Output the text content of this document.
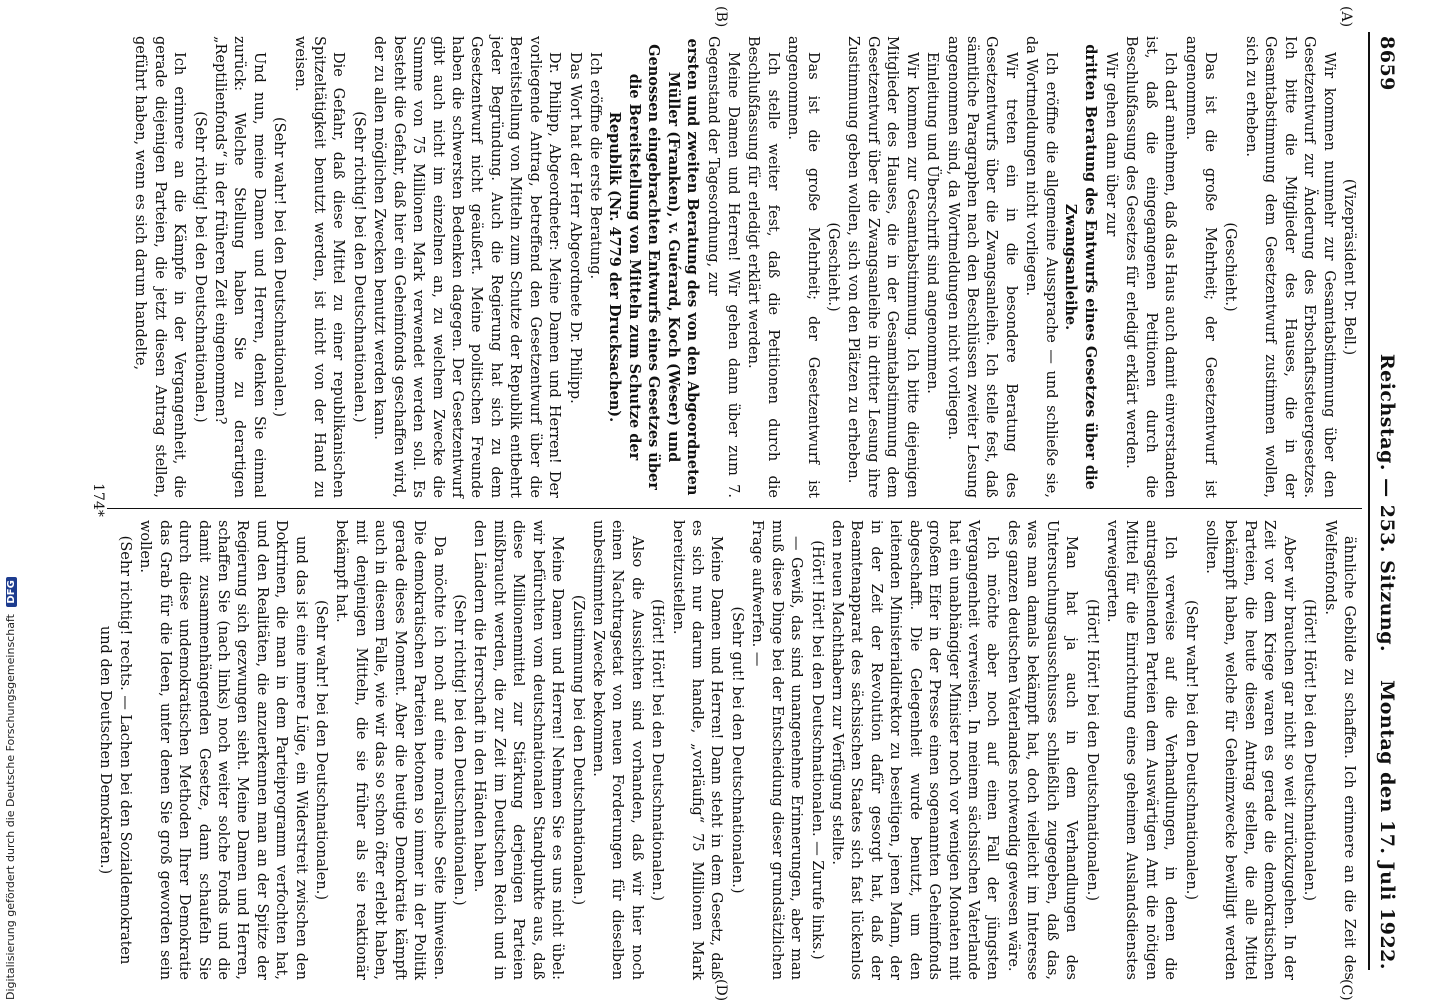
8659
Reichstag. — 253. Sitzung.
Montag den 17. Juli 1922.
(A)
(B)
(C)
(D)

(Vizepräsident Dr. Bell.)

Wir kommen nunmehr zur Gesamtabstimmung über den Gesetzentwurf zur Änderung des Erbschaftssteuergesetzes. Ich bitte die Mitglieder des Hauses, die in der Gesamtabstimmung dem Gesetzentwurf zustimmen wollen, sich zu erheben.

(Geschieht.)

Das ist die große Mehrheit; der Gesetzentwurf ist angenommen.

Ich darf annehmen, daß das Haus auch damit einverstanden ist, daß die eingegangenen Petitionen durch die Beschlußfassung des Gesetzes für erledigt erklärt werden.

Wir gehen dann über zur

dritten Beratung des Entwurfs eines Gesetzes über die Zwangsanleihe.

Ich eröffne die allgemeine Aussprache — und schließe sie, da Wortmeldungen nicht vorliegen.

Wir treten ein in die besondere Beratung des Gesetzentwurfs über die Zwangsanleihe. Ich stelle fest, daß sämtliche Paragraphen nach den Beschlüssen zweiter Lesung angenommen sind, da Wortmeldungen nicht vorliegen.

Einleitung und Überschrift sind angenommen.

Wir kommen zur Gesamtabstimmung. Ich bitte diejenigen Mitglieder des Hauses, die in der Gesamtabstimmung dem Gesetzentwurf über die Zwangsanleihe in dritter Lesung ihre Zustimmung geben wollen, sich von den Plätzen zu erheben.

(Geschieht.)

Das ist die große Mehrheit; der Gesetzentwurf ist angenommen.

Ich stelle weiter fest, daß die Petitionen durch die Beschlußfassung für erledigt erklärt werden.

Meine Damen und Herren! Wir gehen dann über zum 7. Gegenstand der Tagesordnung, zur

ersten und zweiten Beratung des von den Abgeordneten Müller (Franken), v. Guérard, Koch (Weser) und Genossen eingebrachten Entwurfs eines Gesetzes über die Bereitstellung von Mitteln zum Schutze der Republik (Nr. 4779 der Drucksachen).

Ich eröffne die erste Beratung.

Das Wort hat der Herr Abgeordnete Dr. Philipp.

Dr. Philipp, Abgeordneter: Meine Damen und Herren! Der vorliegende Antrag, betreffend den Gesetzentwurf über die Bereitstellung von Mitteln zum Schutze der Republik entbehrt jeder Begründung. Auch die Regierung hat sich zu dem Gesetzentwurf nicht geäußert. Meine politischen Freunde haben die schwersten Bedenken dagegen. Der Gesetzentwurf gibt auch nicht im einzelnen an, zu welchem Zwecke die Summe von 75 Millionen Mark verwendet werden soll. Es besteht die Gefahr, daß hier ein Geheimfonds geschaffen wird, der zu allen möglichen Zwecken benutzt werden kann.

(Sehr richtig! bei den Deutschnationalen.)

Die Gefahr, daß diese Mittel zu einer republikanischen Spitzeltätigkeit benutzt werden, ist nicht von der Hand zu weisen.

(Sehr wahr! bei den Deutschnationalen.)

Und nun, meine Damen und Herren, denken Sie einmal zurück: Welche Stellung haben Sie zu derartigen „Reptilienfonds“ in der früheren Zeit eingenommen?

(Sehr richtig! bei den Deutschnationalen.)

Ich erinnere an die Kämpfe in der Vergangenheit, die gerade diejenigen Parteien, die jetzt diesen Antrag stellen, geführt haben, wenn es sich darum handelte,

ähnliche Gebilde zu schaffen. Ich erinnere an die Zeit des Welfenfonds.

(Hört! Hört! bei den Deutschnationalen.)

Aber wir brauchen gar nicht so weit zurückzugehen. In der Zeit vor dem Kriege waren es gerade die demokratischen Parteien, die heute diesen Antrag stellen, die alle Mittel bekämpft haben, welche für Geheimzwecke bewilligt werden sollten.

(Sehr wahr! bei den Deutschnationalen.)

Ich verweise auf die Verhandlungen, in denen die antragstellenden Parteien dem Auswärtigen Amt die nötigen Mittel für die Einrichtung eines geheimen Auslandsdienstes verweigerten.

(Hört! Hört! bei den Deutschnationalen.)

Man hat ja auch in dem Verhandlungen des Untersuchungsausschusses schließlich zugegeben, daß das, was man damals bekämpft hat, doch vielleicht im Interesse des ganzen deutschen Vaterlandes notwendig gewesen wäre.

Ich möchte aber noch auf einen Fall der jüngsten Vergangenheit verweisen. In meinem sächsischen Vaterlande hat ein unabhängiger Minister noch vor wenigen Monaten mit großem Eifer in der Presse einen sogenannten Geheimfonds abgeschafft. Die Gelegenheit wurde benutzt, um den leitenden Ministerialdirektor zu beseitigen, jenen Mann, der in der Zeit der Revolution dafür gesorgt hat, daß der Beamtenapparat des sächsischen Staates sich fast lückenlos den neuen Machthabern zur Verfügung stellte.

(Hört! Hört! bei den Deutschnationalen. — Zurufe links.)

— Gewiß, das sind unangenehme Erinnerungen, aber man muß diese Dinge bei der Entscheidung dieser grundsätzlichen Frage aufwerfen. —

(Sehr gut! bei den Deutschnationalen.)

Meine Damen und Herren! Dann steht in dem Gesetz, daß es sich nur darum handle, „vorläufig“ 75 Millionen Mark bereitzustellen.

(Hört! Hört! bei den Deutschnationalen.)

Also die Aussichten sind vorhanden, daß wir hier noch einen Nachtragsetat von neuen Forderungen für dieselben unbestimmten Zwecke bekommen.

(Zustimmung bei den Deutschnationalen.)

Meine Damen und Herren! Nehmen Sie es uns nicht übel: wir befürchten vom deutschnationalen Standpunkte aus, daß diese Millionenmittel zur Stärkung derjenigen Parteien mißbraucht werden, die zur Zeit im Deutschen Reich und in den Ländern die Herrschaft in den Händen haben.

(Sehr richtig! bei den Deutschnationalen.)

Da möchte ich noch auf eine moralische Seite hinweisen. Die demokratischen Parteien betonen so immer in der Politik gerade dieses Moment. Aber die heutige Demokratie kämpft auch in diesem Falle, wie wir das so schon öfter erlebt haben, mit denjenigen Mitteln, die sie früher als sie reaktionär bekämpft hat.

(Sehr wahr! bei den Deutschnationalen.)

und das ist eine innere Lüge, ein Widerstreit zwischen den Doktrinen, die man in dem Parteiprogramm verfochten hat, und den Realitäten, die anzuerkennen man an der Spitze der Regierung sich gezwungen sieht. Meine Damen und Herren, schaffen Sie (nach links) noch weiter solche Fonds und die damit zusammenhängenden Gesetze, dann schaufeln Sie durch diese undemokratischen Methoden Ihrer Demokratie das Grab für die Ideen, unter denen Sie groß geworden sein wollen.

(Sehr richtig! rechts. — Lachen bei den Sozialdemokraten und den Deutschen Demokraten.)

174*
Digitalisierung gefördert durch die Deutsche Forschungsgemeinschaft DFG
